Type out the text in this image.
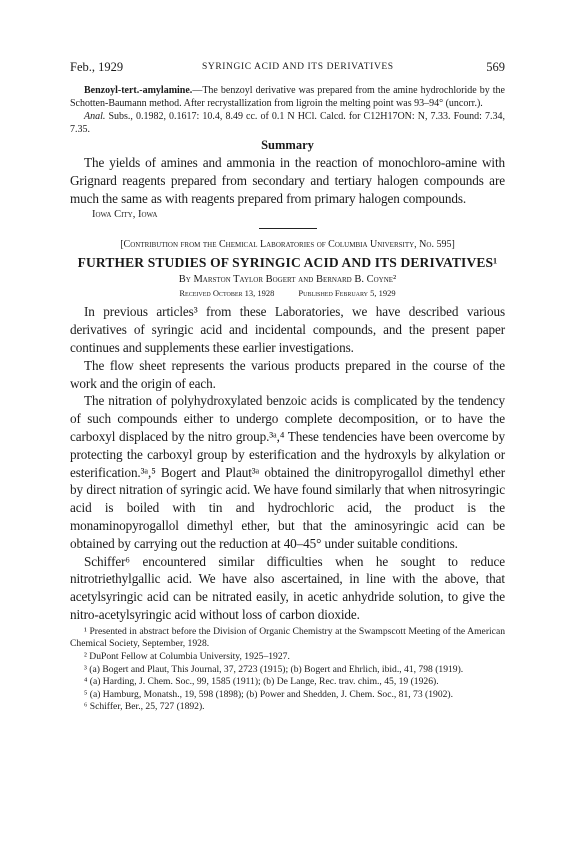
Feb., 1929	SYRINGIC ACID AND ITS DERIVATIVES	569

Benzoyl-tert.-amylamine.—The benzoyl derivative was prepared from the amine hydrochloride by the Schotten-Baumann method. After recrystallization from ligroin the melting point was 93–94° (uncorr.).

Anal. Subs., 0.1982, 0.1617: 10.4, 8.49 cc. of 0.1 N HCl. Calcd. for C12H17ON: N, 7.33. Found: 7.34, 7.35.

Summary

The yields of amines and ammonia in the reaction of monochloro-amine with Grignard reagents prepared from secondary and tertiary halogen compounds are much the same as with reagents prepared from primary halogen compounds.

Iowa City, Iowa

[Contribution from the Chemical Laboratories of Columbia University, No. 595]

FURTHER STUDIES OF SYRINGIC ACID AND ITS DERIVATIVES¹

By Marston Taylor Bogert and Bernard B. Coyne²

Received October 13, 1928	Published February 5, 1929

In previous articles³ from these Laboratories, we have described various derivatives of syringic acid and incidental compounds, and the present paper continues and supplements these earlier investigations.

The flow sheet represents the various products prepared in the course of the work and the origin of each.

The nitration of polyhydroxylated benzoic acids is complicated by the tendency of such compounds either to undergo complete decomposition, or to have the carboxyl displaced by the nitro group.³ᵃ,⁴ These tendencies have been overcome by protecting the carboxyl group by esterification and the hydroxyls by alkylation or esterification.³ᵃ,⁵ Bogert and Plaut³ᵃ obtained the dinitropyrogallol dimethyl ether by direct nitration of syringic acid. We have found similarly that when nitrosyringic acid is boiled with tin and hydrochloric acid, the product is the monaminopyrogallol dimethyl ether, but that the aminosyringic acid can be obtained by carrying out the reduction at 40–45° under suitable conditions.

Schiffer⁶ encountered similar difficulties when he sought to reduce nitrotriethylgallic acid. We have also ascertained, in line with the above, that acetylsyringic acid can be nitrated easily, in acetic anhydride solution, to give the nitro-acetylsyringic acid without loss of carbon dioxide.

¹ Presented in abstract before the Division of Organic Chemistry at the Swampscott Meeting of the American Chemical Society, September, 1928.

² DuPont Fellow at Columbia University, 1925–1927.

³ (a) Bogert and Plaut, This Journal, 37, 2723 (1915); (b) Bogert and Ehrlich, ibid., 41, 798 (1919).

⁴ (a) Harding, J. Chem. Soc., 99, 1585 (1911); (b) De Lange, Rec. trav. chim., 45, 19 (1926).

⁵ (a) Hamburg, Monatsh., 19, 598 (1898); (b) Power and Shedden, J. Chem. Soc., 81, 73 (1902).

⁶ Schiffer, Ber., 25, 727 (1892).
